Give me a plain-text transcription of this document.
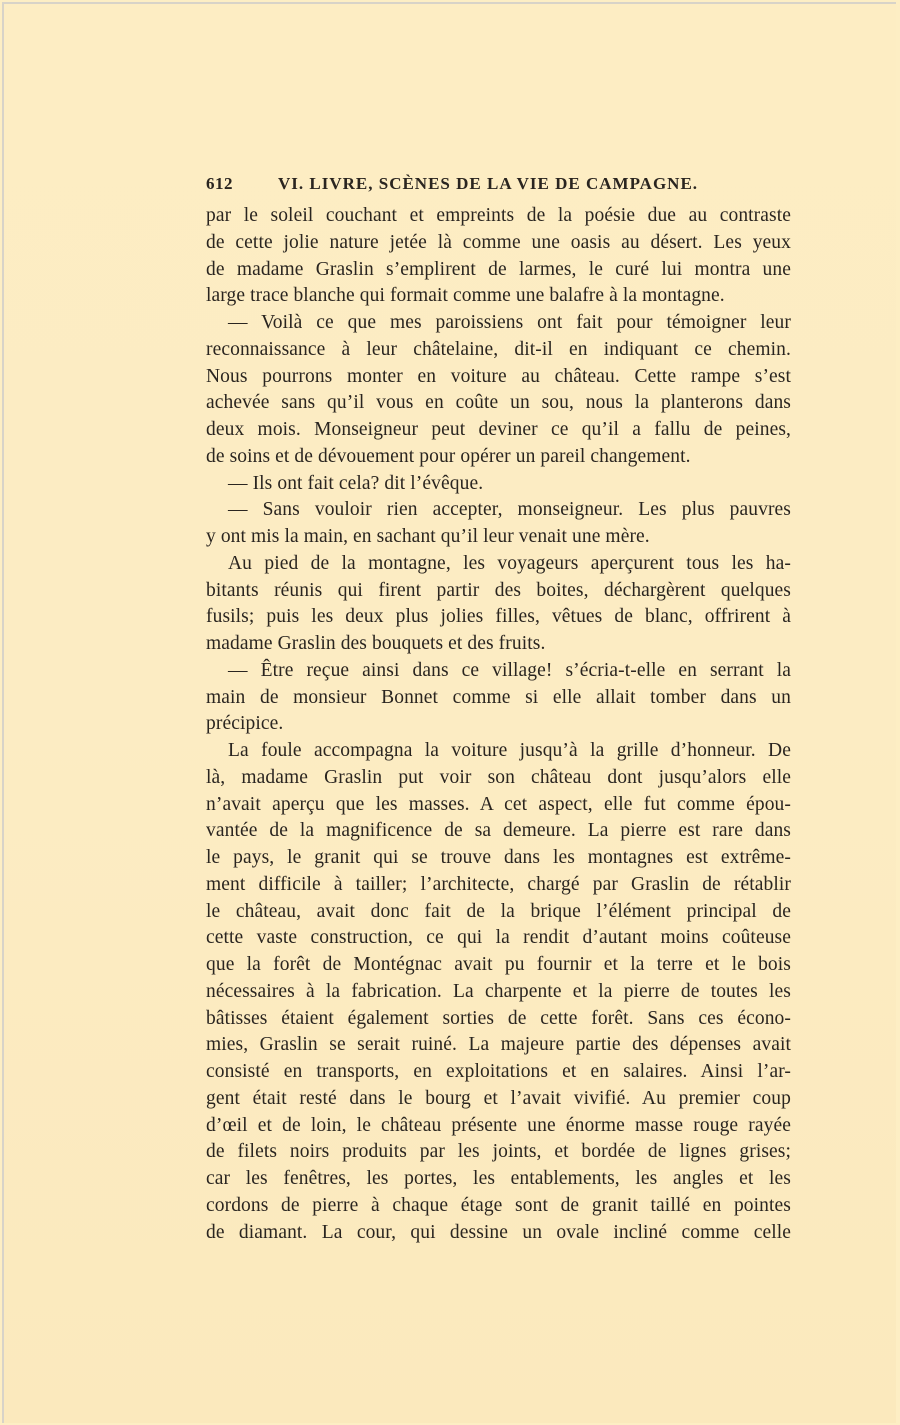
612	VI. LIVRE, SCÈNES DE LA VIE DE CAMPAGNE.
par le soleil couchant et empreints de la poésie due au contraste
de cette jolie nature jetée là comme une oasis au désert. Les yeux
de madame Graslin s’emplirent de larmes, le curé lui montra une
large trace blanche qui formait comme une balafre à la montagne.
— Voilà ce que mes paroissiens ont fait pour témoigner leur
reconnaissance à leur châtelaine, dit-il en indiquant ce chemin.
Nous pourrons monter en voiture au château. Cette rampe s’est
achevée sans qu’il vous en coûte un sou, nous la planterons dans
deux mois. Monseigneur peut deviner ce qu’il a fallu de peines,
de soins et de dévouement pour opérer un pareil changement.
— Ils ont fait cela? dit l’évêque.
— Sans vouloir rien accepter, monseigneur. Les plus pauvres
y ont mis la main, en sachant qu’il leur venait une mère.
Au pied de la montagne, les voyageurs aperçurent tous les ha-
bitants réunis qui firent partir des boites, déchargèrent quelques
fusils; puis les deux plus jolies filles, vêtues de blanc, offrirent à
madame Graslin des bouquets et des fruits.
— Être reçue ainsi dans ce village! s’écria-t-elle en serrant la
main de monsieur Bonnet comme si elle allait tomber dans un
précipice.
La foule accompagna la voiture jusqu’à la grille d’honneur. De
là, madame Graslin put voir son château dont jusqu’alors elle
n’avait aperçu que les masses. A cet aspect, elle fut comme épou-
vantée de la magnificence de sa demeure. La pierre est rare dans
le pays, le granit qui se trouve dans les montagnes est extrême-
ment difficile à tailler; l’architecte, chargé par Graslin de rétablir
le château, avait donc fait de la brique l’élément principal de
cette vaste construction, ce qui la rendit d’autant moins coûteuse
que la forêt de Montégnac avait pu fournir et la terre et le bois
nécessaires à la fabrication. La charpente et la pierre de toutes les
bâtisses étaient également sorties de cette forêt. Sans ces écono-
mies, Graslin se serait ruiné. La majeure partie des dépenses avait
consisté en transports, en exploitations et en salaires. Ainsi l’ar-
gent était resté dans le bourg et l’avait vivifié. Au premier coup
d’œil et de loin, le château présente une énorme masse rouge rayée
de filets noirs produits par les joints, et bordée de lignes grises;
car les fenêtres, les portes, les entablements, les angles et les
cordons de pierre à chaque étage sont de granit taillé en pointes
de diamant. La cour, qui dessine un ovale incliné comme celle
